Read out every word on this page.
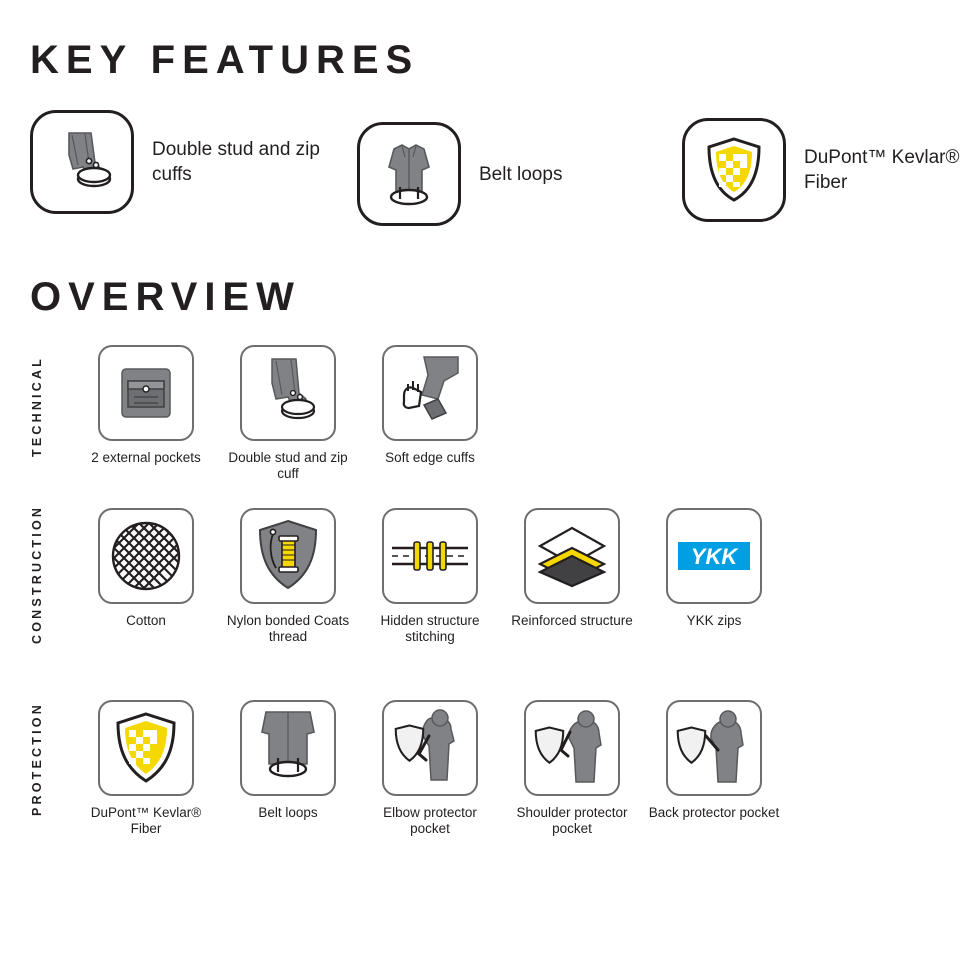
KEY FEATURES
Double stud and zip cuffs	Belt loops
DuPont™ Kevlar® Fiber
OVERVIEW
TECHNICAL
2 external pockets	Double stud and zip cuff
Soft edge cuffs
CONSTRUCTION	Cotton	Nylon bonded Coats thread
Hidden structure stitching
Reinforced structure
YKK
YKK zips
PROTECTION	DuPont™ Kevlar® Fiber
Belt loops	Elbow protector pocket
Shoulder protector pocket
Back protector pocket
